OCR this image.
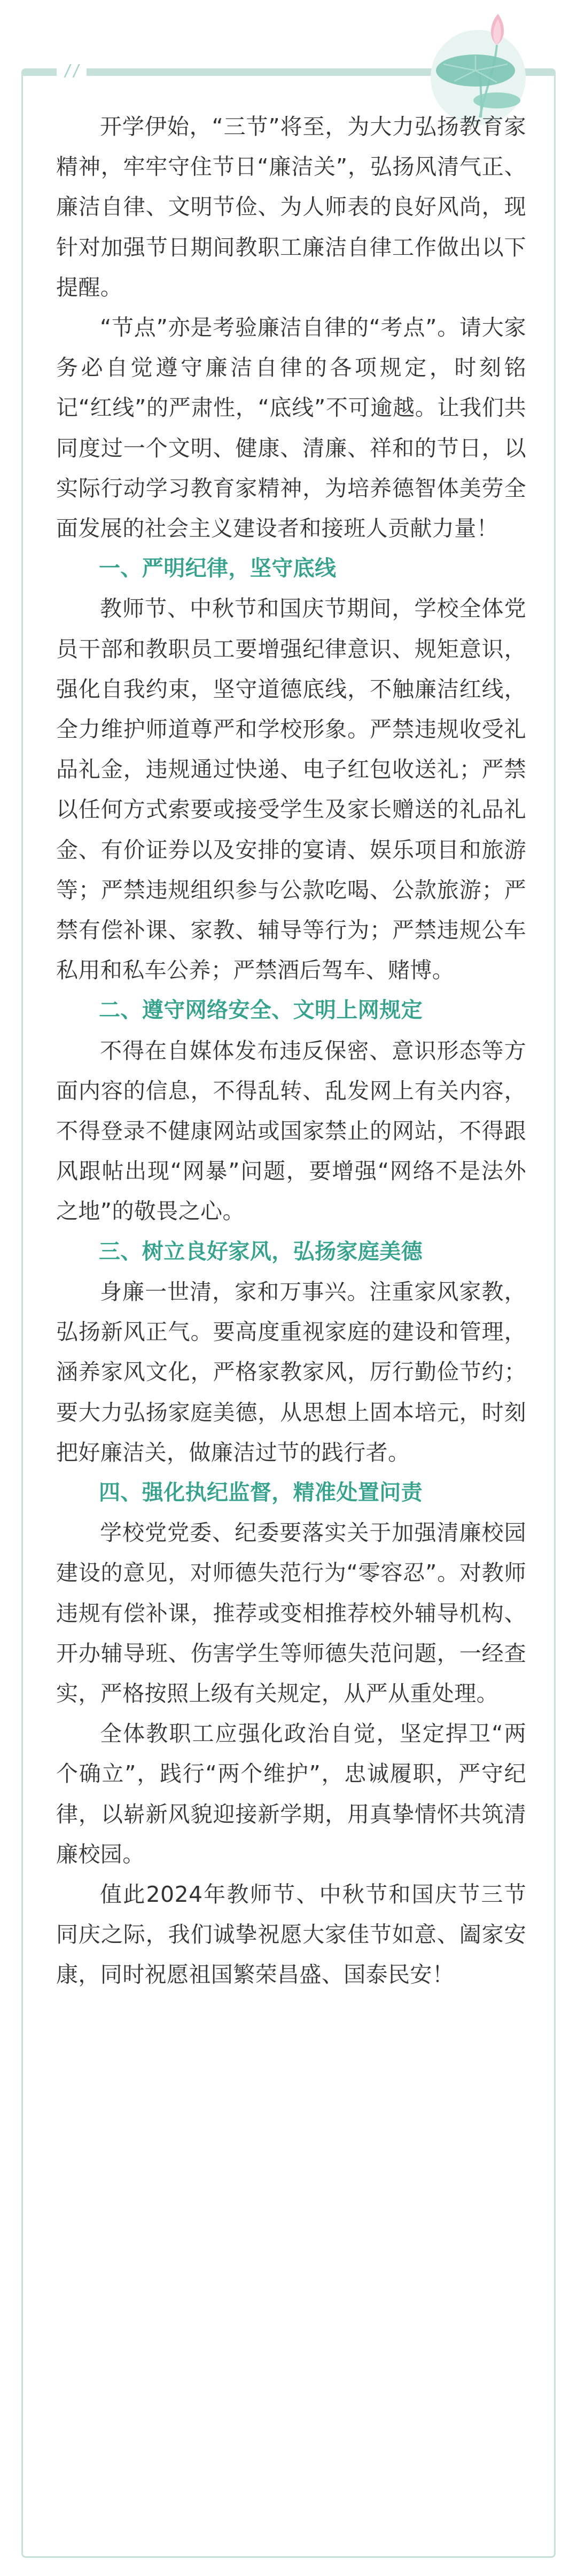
//

开学伊始，“三节”将至，为大力弘扬教育家精神，牢牢守住节日“廉洁关”，弘扬风清气正、廉洁自律、文明节俭、为人师表的良好风尚，现针对加强节日期间教职工廉洁自律工作做出以下提醒。

“节点”亦是考验廉洁自律的“考点”。请大家务必自觉遵守廉洁自律的各项规定，时刻铭记“红线”的严肃性，“底线”不可逾越。让我们共同度过一个文明、健康、清廉、祥和的节日，以实际行动学习教育家精神，为培养德智体美劳全面发展的社会主义建设者和接班人贡献力量！

一、严明纪律，坚守底线

教师节、中秋节和国庆节期间，学校全体党员干部和教职员工要增强纪律意识、规矩意识，强化自我约束，坚守道德底线，不触廉洁红线，全力维护师道尊严和学校形象。严禁违规收受礼品礼金，违规通过快递、电子红包收送礼；严禁以任何方式索要或接受学生及家长赠送的礼品礼金、有价证券以及安排的宴请、娱乐项目和旅游等；严禁违规组织参与公款吃喝、公款旅游；严禁有偿补课、家教、辅导等行为；严禁违规公车私用和私车公养；严禁酒后驾车、赌博。

二、遵守网络安全、文明上网规定

不得在自媒体发布违反保密、意识形态等方面内容的信息，不得乱转、乱发网上有关内容，不得登录不健康网站或国家禁止的网站，不得跟风跟帖出现“网暴”问题，要增强“网络不是法外之地”的敬畏之心。

三、树立良好家风，弘扬家庭美德

身廉一世清，家和万事兴。注重家风家教，弘扬新风正气。要高度重视家庭的建设和管理，涵养家风文化，严格家教家风，厉行勤俭节约；要大力弘扬家庭美德，从思想上固本培元，时刻把好廉洁关，做廉洁过节的践行者。

四、强化执纪监督，精准处置问责

学校党党委、纪委要落实关于加强清廉校园建设的意见，对师德失范行为“零容忍”。对教师违规有偿补课，推荐或变相推荐校外辅导机构、开办辅导班、伤害学生等师德失范问题，一经查实，严格按照上级有关规定，从严从重处理。

全体教职工应强化政治自觉，坚定捍卫“两个确立”，践行“两个维护”，忠诚履职，严守纪律，以崭新风貌迎接新学期，用真挚情怀共筑清廉校园。

值此2024年教师节、中秋节和国庆节三节同庆之际，我们诚挚祝愿大家佳节如意、阖家安康，同时祝愿祖国繁荣昌盛、国泰民安！
